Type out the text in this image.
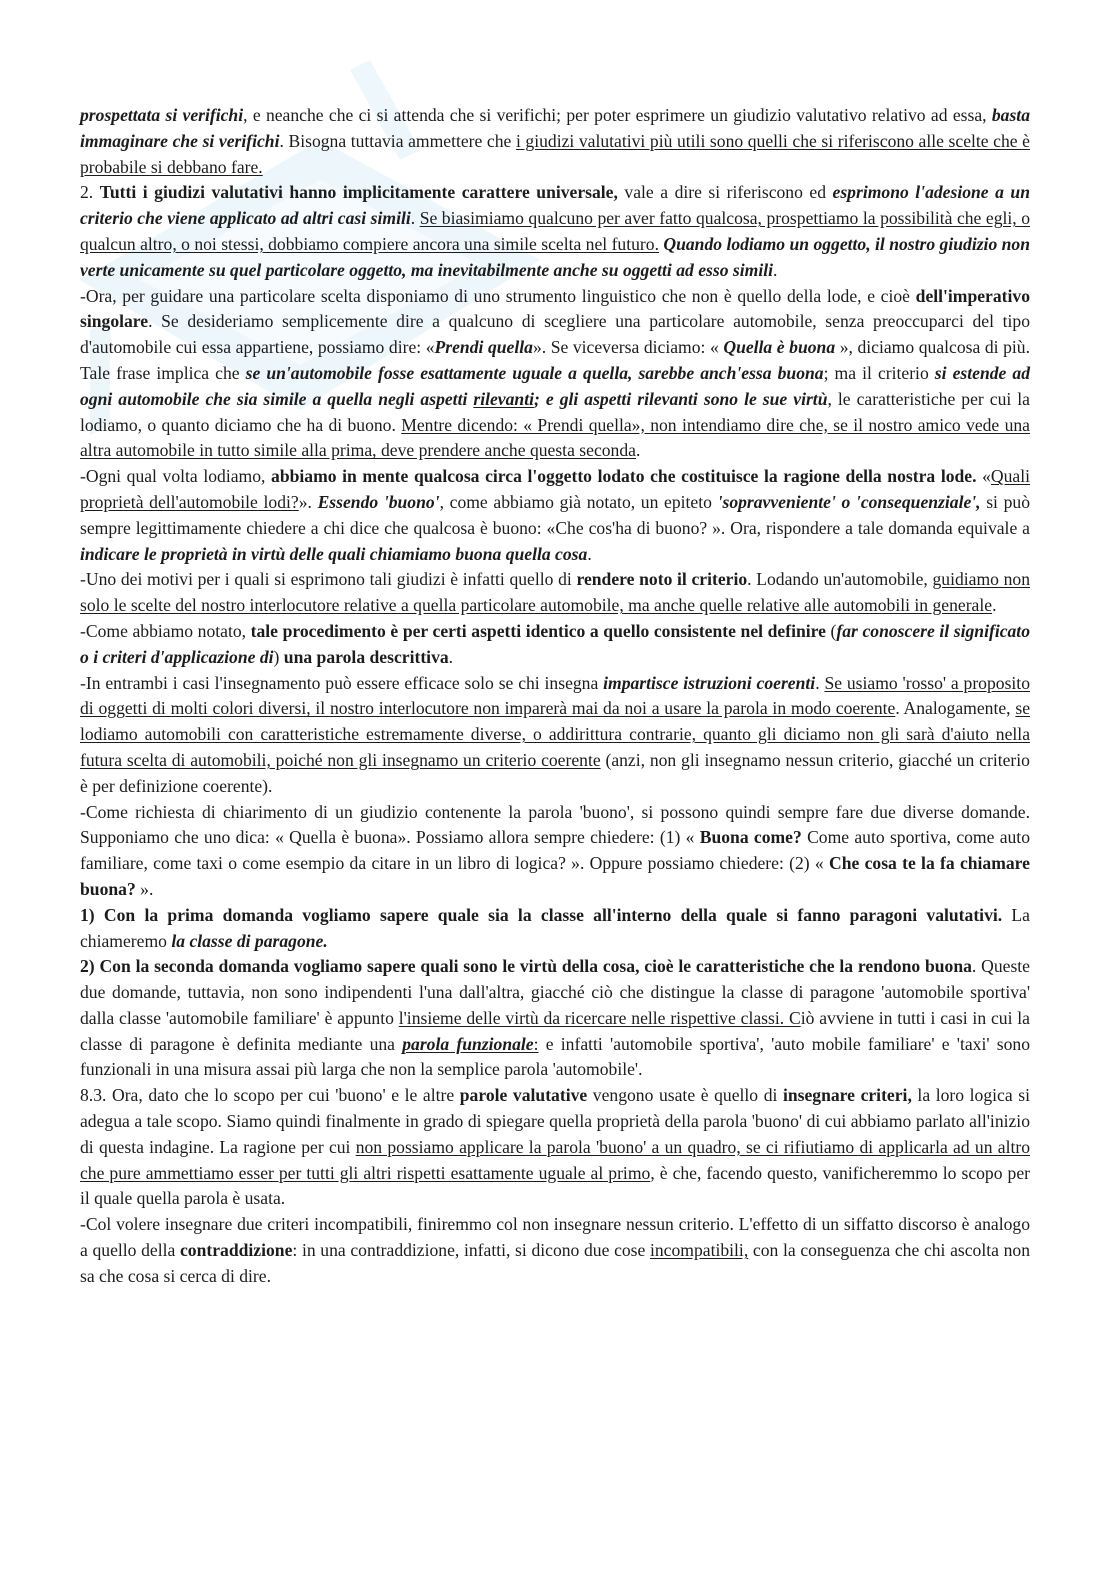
prospettata si verifichi, e neanche che ci si attenda che si verifichi; per poter esprimere un giudizio valutativo relativo ad essa, basta immaginare che si verifichi. Bisogna tuttavia ammettere che i giudizi valutativi più utili sono quelli che si riferiscono alle scelte che è probabile si debbano fare.

2. Tutti i giudizi valutativi hanno implicitamente carattere universale, vale a dire si riferiscono ed esprimono l'adesione a un criterio che viene applicato ad altri casi simili. Se biasimiamo qualcuno per aver fatto qualcosa, prospettiamo la possibilità che egli, o qualcun altro, o noi stessi, dobbiamo compiere ancora una simile scelta nel futuro. Quando lodiamo un oggetto, il nostro giudizio non verte unicamente su quel particolare oggetto, ma inevitabilmente anche su oggetti ad esso simili.

-Ora, per guidare una particolare scelta disponiamo di uno strumento linguistico che non è quello della lode, e cioè dell'imperativo singolare. Se desideriamo semplicemente dire a qualcuno di scegliere una particolare automobile, senza preoccuparci del tipo d'automobile cui essa appartiene, possiamo dire: «Prendi quella». Se viceversa diciamo: « Quella è buona », diciamo qualcosa di più. Tale frase implica che se un'automobile fosse esattamente uguale a quella, sarebbe anch'essa buona; ma il criterio si estende ad ogni automobile che sia simile a quella negli aspetti rilevanti; e gli aspetti rilevanti sono le sue virtù, le caratteristiche per cui la lodiamo, o quanto diciamo che ha di buono. Mentre dicendo: « Prendi quella», non intendiamo dire che, se il nostro amico vede una altra automobile in tutto simile alla prima, deve prendere anche questa seconda.

-Ogni qual volta lodiamo, abbiamo in mente qualcosa circa l'oggetto lodato che costituisce la ragione della nostra lode. «Quali proprietà dell'automobile lodi?». Essendo 'buono', come abbiamo già notato, un epiteto 'sopravveniente' o 'consequenziale', si può sempre legittimamente chiedere a chi dice che qualcosa è buono: «Che cos'ha di buono? ». Ora, rispondere a tale domanda equivale a indicare le proprietà in virtù delle quali chiamiamo buona quella cosa.

-Uno dei motivi per i quali si esprimono tali giudizi è infatti quello di rendere noto il criterio. Lodando un'automobile, guidiamo non solo le scelte del nostro interlocutore relative a quella particolare automobile, ma anche quelle relative alle automobili in generale.

-Come abbiamo notato, tale procedimento è per certi aspetti identico a quello consistente nel definire (far conoscere il significato o i criteri d'applicazione di) una parola descrittiva.

-In entrambi i casi l'insegnamento può essere efficace solo se chi insegna impartisce istruzioni coerenti. Se usiamo 'rosso' a proposito di oggetti di molti colori diversi, il nostro interlocutore non imparerà mai da noi a usare la parola in modo coerente. Analogamente, se lodiamo automobili con caratteristiche estremamente diverse, o addirittura contrarie, quanto gli diciamo non gli sarà d'aiuto nella futura scelta di automobili, poiché non gli insegnamo un criterio coerente (anzi, non gli insegnamo nessun criterio, giacché un criterio è per definizione coerente).

-Come richiesta di chiarimento di un giudizio contenente la parola 'buono', si possono quindi sempre fare due diverse domande. Supponiamo che uno dica: « Quella è buona». Possiamo allora sempre chiedere: (1) « Buona come? Come auto sportiva, come auto familiare, come taxi o come esempio da citare in un libro di logica? ». Oppure possiamo chiedere: (2) « Che cosa te la fa chiamare buona? ».

1) Con la prima domanda vogliamo sapere quale sia la classe all'interno della quale si fanno paragoni valutativi. La chiameremo la classe di paragone.

2) Con la seconda domanda vogliamo sapere quali sono le virtù della cosa, cioè le caratteristiche che la rendono buona. Queste due domande, tuttavia, non sono indipendenti l'una dall'altra, giacché ciò che distingue la classe di paragone 'automobile sportiva' dalla classe 'automobile familiare' è appunto l'insieme delle virtù da ricercare nelle rispettive classi. Ciò avviene in tutti i casi in cui la classe di paragone è definita mediante una parola funzionale: e infatti 'automobile sportiva', 'auto mobile familiare' e 'taxi' sono funzionali in una misura assai più larga che non la semplice parola 'automobile'.

8.3. Ora, dato che lo scopo per cui 'buono' e le altre parole valutative vengono usate è quello di insegnare criteri, la loro logica si adegua a tale scopo. Siamo quindi finalmente in grado di spiegare quella proprietà della parola 'buono' di cui abbiamo parlato all'inizio di questa indagine. La ragione per cui non possiamo applicare la parola 'buono' a un quadro, se ci rifiutiamo di applicarla ad un altro che pure ammettiamo esser per tutti gli altri rispetti esattamente uguale al primo, è che, facendo questo, vanificheremmo lo scopo per il quale quella parola è usata.

-Col volere insegnare due criteri incompatibili, finiremmo col non insegnare nessun criterio. L'effetto di un siffatto discorso è analogo a quello della contraddizione: in una contraddizione, infatti, si dicono due cose incompatibili, con la conseguenza che chi ascolta non sa che cosa si cerca di dire.
